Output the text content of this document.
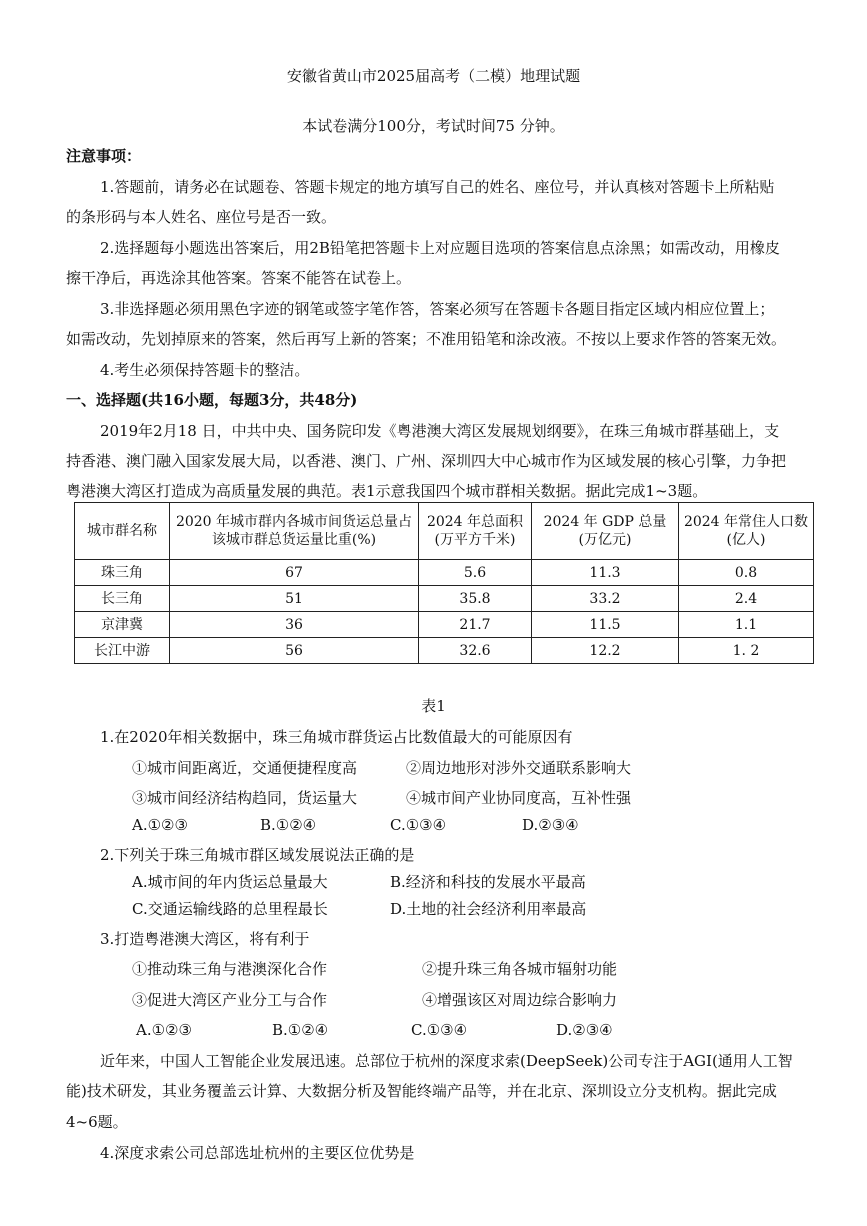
安徽省黄山市2025届高考（二模）地理试题
本试卷满分100分，考试时间75 分钟。
注意事项：
1.答题前，请务必在试题卷、答题卡规定的地方填写自己的姓名、座位号，并认真核对答题卡上所粘贴
的条形码与本人姓名、座位号是否一致。
2.选择题每小题选出答案后，用2B铅笔把答题卡上对应题目选项的答案信息点涂黑；如需改动，用橡皮
擦干净后，再选涂其他答案。答案不能答在试卷上。
3.非选择题必须用黑色字迹的钢笔或签字笔作答，答案必须写在答题卡各题目指定区域内相应位置上；
如需改动，先划掉原来的答案，然后再写上新的答案；不准用铅笔和涂改液。不按以上要求作答的答案无效。
4.考生必须保持答题卡的整洁。
一、选择题(共16小题，每题3分，共48分)
2019年2月18 日，中共中央、国务院印发《粤港澳大湾区发展规划纲要》，在珠三角城市群基础上，支
持香港、澳门融入国家发展大局，以香港、澳门、广州、深圳四大中心城市作为区域发展的核心引擎，力争把
粤港澳大湾区打造成为高质量发展的典范。表1示意我国四个城市群相关数据。据此完成1~3题。
城市群名称	2020 年城市群内各城市间货运总量占该城市群总货运量比重(%)	2024 年总面积(万平方千米)	2024 年 GDP 总量(万亿元)	2024 年常住人口数(亿人)
珠三角	67	5.6	11.3	0.8
长三角	51	35.8	33.2	2.4
京津冀	36	21.7	11.5	1.1
长江中游	56	32.6	12.2	1. 2
表1
1.在2020年相关数据中，珠三角城市群货运占比数值最大的可能原因有
①城市间距离近，交通便捷程度高	②周边地形对涉外交通联系影响大
③城市间经济结构趋同，货运量大	④城市间产业协同度高，互补性强
A.①②③	B.①②④	C.①③④	D.②③④
2.下列关于珠三角城市群区域发展说法正确的是
A.城市间的年内货运总量最大	B.经济和科技的发展水平最高
C.交通运输线路的总里程最长	D.土地的社会经济利用率最高
3.打造粤港澳大湾区，将有利于
①推动珠三角与港澳深化合作	②提升珠三角各城市辐射功能
③促进大湾区产业分工与合作	④增强该区对周边综合影响力
A.①②③	B.①②④	C.①③④	D.②③④
近年来，中国人工智能企业发展迅速。总部位于杭州的深度求索(DeepSeek)公司专注于AGI(通用人工智
能)技术研发，其业务覆盖云计算、大数据分析及智能终端产品等，并在北京、深圳设立分支机构。据此完成
4~6题。
4.深度求索公司总部选址杭州的主要区位优势是
